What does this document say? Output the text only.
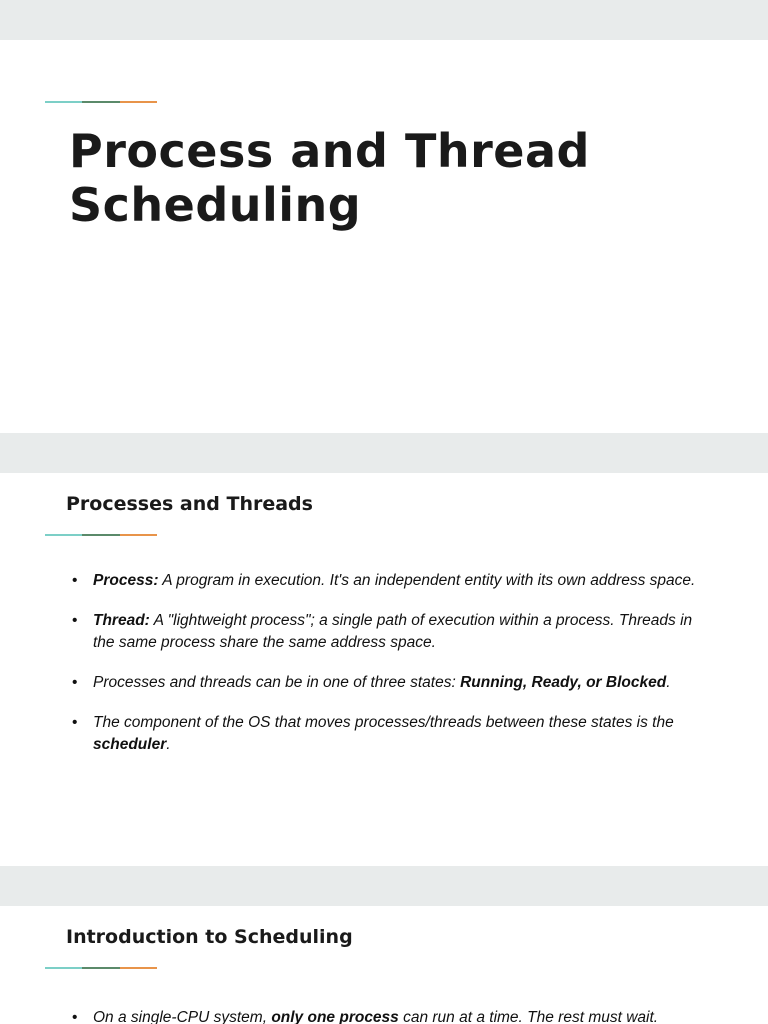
Process and Thread Scheduling
Processes and Threads
• Process: A program in execution. It's an independent entity with its own address space.
• Thread: A "lightweight process"; a single path of execution within a process. Threads in the same process share the same address space.
• Processes and threads can be in one of three states: Running, Ready, or Blocked.
• The component of the OS that moves processes/threads between these states is the scheduler.
Introduction to Scheduling
• On a single-CPU system, only one process can run at a time. The rest must wait.
